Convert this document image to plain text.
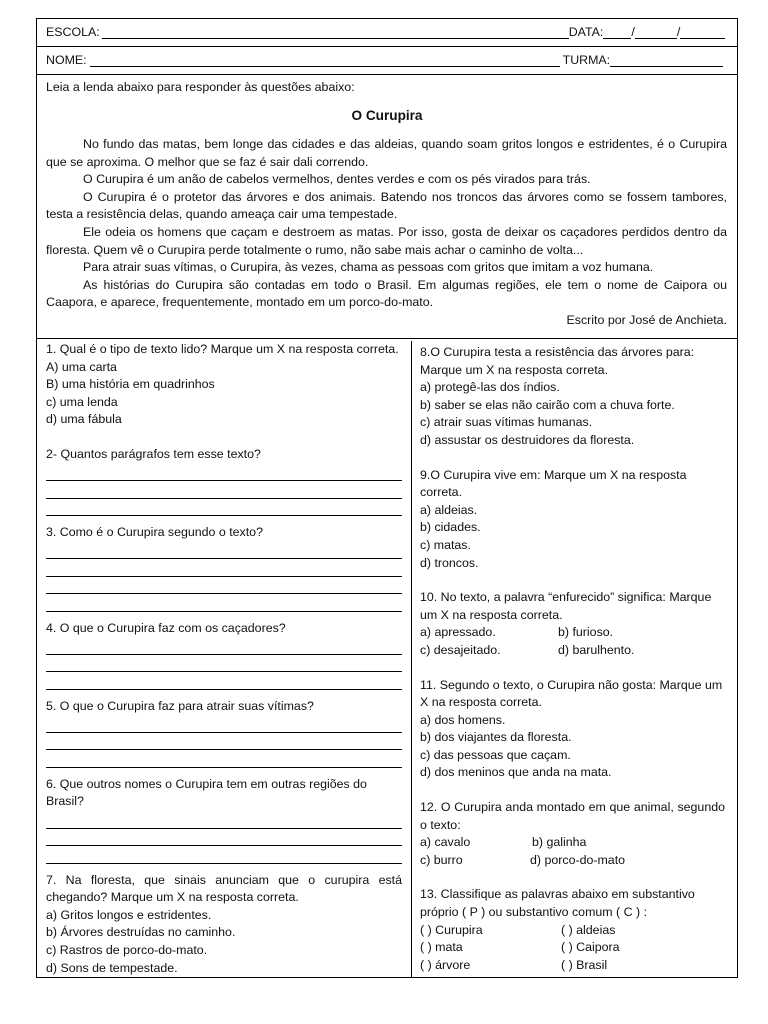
ESCOLA:	DATA: /	/
NOME:	TURMA:
Leia a lenda abaixo para responder às questões abaixo:
O Curupira

No fundo das matas, bem longe das cidades e das aldeias, quando soam gritos longos e estridentes, é o Curupira que se aproxima. O melhor que se faz é sair dali correndo.

O Curupira é um anão de cabelos vermelhos, dentes verdes e com os pés virados para trás.

O Curupira é o protetor das árvores e dos animais. Batendo nos troncos das árvores como se fossem tambores, testa a resistência delas, quando ameaça cair uma tempestade.

Ele odeia os homens que caçam e destroem as matas. Por isso, gosta de deixar os caçadores perdidos dentro da floresta. Quem vê o Curupira perde totalmente o rumo, não sabe mais achar o caminho de volta...

Para atrair suas vítimas, o Curupira, às vezes, chama as pessoas com gritos que imitam a voz humana.

As histórias do Curupira são contadas em todo o Brasil. Em algumas regiões, ele tem o nome de Caipora ou Caapora, e aparece, frequentemente, montado em um porco-do-mato.

Escrito por José de Anchieta.
1. Qual é o tipo de texto lido? Marque um X na resposta correta.
A) uma carta
B) uma história em quadrinhos
c) uma lenda
d) uma fábula
2- Quantos parágrafos tem esse texto?
3. Como é o Curupira segundo o texto?
4. O que o Curupira faz com os caçadores?
5. O que o Curupira faz para atrair suas vítimas?
6. Que outros nomes o Curupira tem em outras regiões do Brasil?
7. Na floresta, que sinais anunciam que o curupira está chegando? Marque um X na resposta correta.
a) Gritos longos e estridentes.
b) Árvores destruídas no caminho.
c) Rastros de porco-do-mato.
d) Sons de tempestade.
8.O Curupira testa a resistência das árvores para: Marque um X na resposta correta.
a) protegê-las dos índios.
b) saber se elas não cairão com a chuva forte.
c) atrair suas vítimas humanas.
d) assustar os destruidores da floresta.
9.O Curupira vive em: Marque um X na resposta correta.
a) aldeias.
b) cidades.
c) matas.
d) troncos.
10. No texto, a palavra “enfurecido” significa: Marque um X na resposta correta.
a) apressado.	b) furioso.
c) desajeitado.	d) barulhento.
11. Segundo o texto, o Curupira não gosta: Marque um X na resposta correta.
a) dos homens.
b) dos viajantes da floresta.
c) das pessoas que caçam.
d) dos meninos que anda na mata.
12. O Curupira anda montado em que animal, segundo o texto:
a) cavalo	b) galinha
c) burro	d) porco-do-mato
13. Classifique as palavras abaixo em substantivo próprio ( P ) ou substantivo comum ( C ) :
( ) Curupira	( ) aldeias
( ) mata	( ) Caipora
( ) árvore	( ) Brasil
